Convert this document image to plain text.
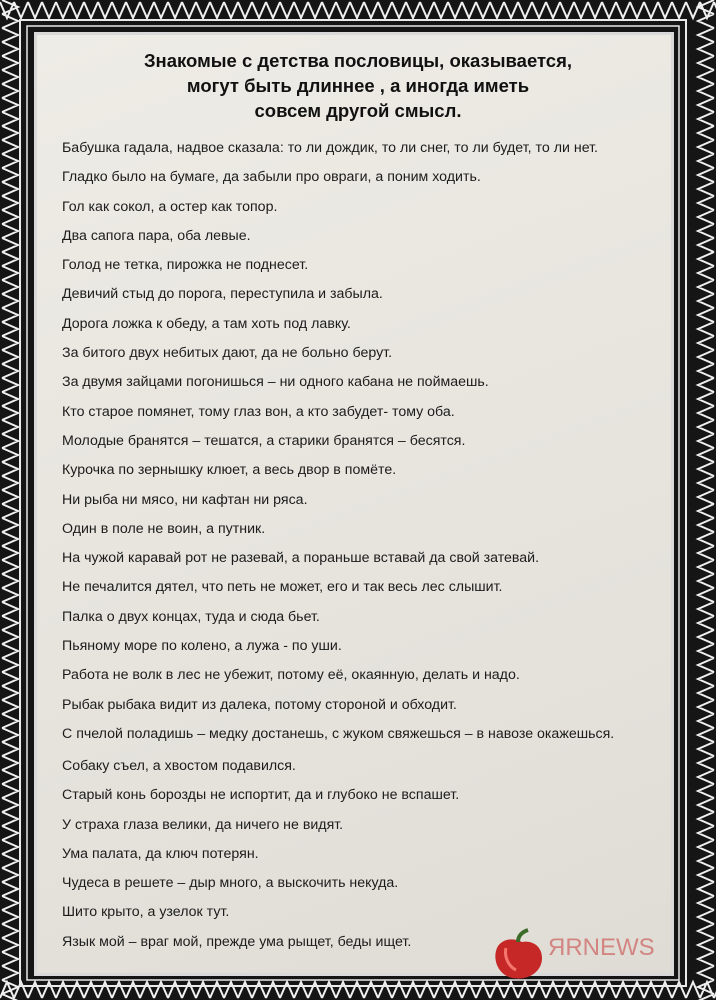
Знакомые с детства пословицы, оказывается,
могут быть длиннее , а иногда иметь
совсем другой смысл.
Бабушка гадала, надвое сказала: то ли дождик, то ли снег, то ли будет, то ли нет.
Гладко было на бумаге, да забыли про овраги, а поним ходить.
Гол как сокол, а остер как топор.
Два сапога пара, оба левые.
Голод не тетка, пирожка не поднесет.
Девичий стыд до порога, переступила и забыла.
Дорога ложка к обеду, а там хоть под лавку.
За битого двух небитых дают, да не больно берут.
За двумя зайцами погонишься – ни одного кабана не поймаешь.
Кто старое помянет, тому глаз вон, а кто забудет- тому оба.
Молодые бранятся – тешатся, а старики бранятся – бесятся.
Курочка по зернышку клюет, а весь двор в помёте.
Ни рыба ни мясо, ни кафтан ни ряса.
Один в поле не воин, а путник.
На чужой каравай рот не разевай, а пораньше вставай да свой затевай.
Не печалится дятел, что петь не может, его и так весь лес слышит.
Палка о двух концах, туда и сюда бьет.
Пьяному море по колено, а лужа - по уши.
Работа не волк в лес не убежит, потому её, окаянную, делать и надо.
Рыбак рыбака видит из далека, потому стороной и обходит.
С пчелой поладишь – медку достанешь, с жуком свяжешься – в навозе окажешься.
Собаку съел, а хвостом подавился.
Старый конь борозды не испортит, да и глубоко не вспашет.
У страха глаза велики, да ничего не видят.
Ума палата, да ключ потерян.
Чудеса в решете – дыр много, а выскочить некуда.
Шито крыто, а узелок тут.
Язык мой – враг мой, прежде ума рыщет, беды ищет.	ЯRNEWS
